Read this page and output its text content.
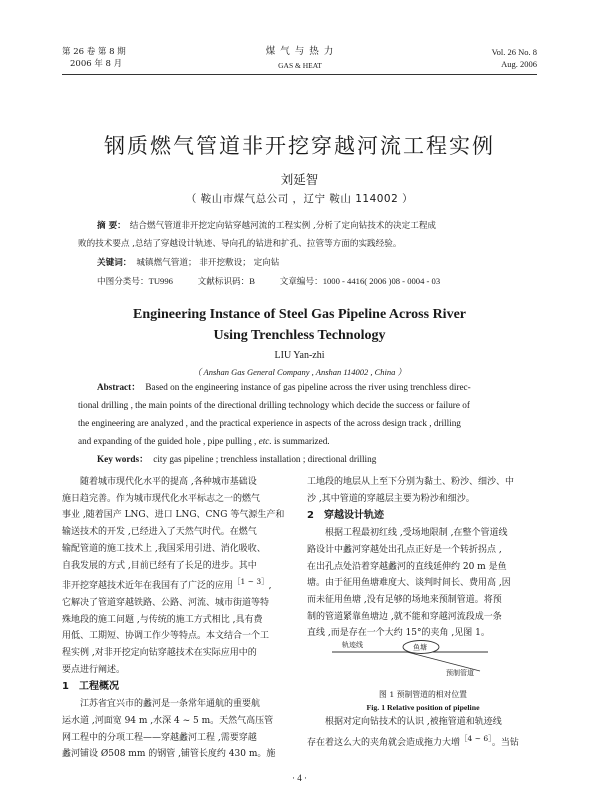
第 26 卷 第 8 期
2006 年 8 月
煤 气 与 热 力
GAS & HEAT
Vol. 26 No. 8
Aug. 2006
钢质燃气管道非开挖穿越河流工程实例
刘延智
（ 鞍山市煤气总公司 ，辽宁 鞍山 114002 ）
摘 要： 结合燃气管道非开挖定向钻穿越河流的工程实例 ,分析了定向钻技术的决定工程成
败的技术要点 ,总结了穿越设计轨迹、导向孔的钻进和扩孔、拉管等方面的实践经验。
关键词： 城镇燃气管道； 非开挖敷设； 定向钻
中图分类号：TU996	文献标识码：B	文章编号：1000 - 4416( 2006 )08 - 0004 - 03
Engineering Instance of Steel Gas Pipeline Across River
Using Trenchless Technology
LIU Yan-zhi
（ Anshan Gas General Company , Anshan 114002 , China ）
Abstract： Based on the engineering instance of gas pipeline across the river using trenchless direc-
tional drilling , the main points of the directional drilling technology which decide the success or failure of
the engineering are analyzed , and the practical experience in aspects of the across design track , drilling
and expanding of the guided hole , pipe pulling , etc. is summarized.
Key words： city gas pipeline ; trenchless installation ; directional drilling
随着城市现代化水平的提高 ,各种城市基础设
施日趋完善。作为城市现代化水平标志之一的燃气
事业 ,随着国产 LNG、进口 LNG、CNG 等气源生产和
输送技术的开发 ,已经进入了天然气时代。在燃气
输配管道的施工技术上 ,我国采用引进、消化吸收、
自我发展的方式 ,目前已经有了长足的进步。其中
非开挖穿越技术近年在我国有了广泛的应用$^{[1 \sim 3]}$,
它解决了管道穿越铁路、公路、河流、城市街道等特
殊地段的施工问题 ,与传统的施工方式相比 ,具有费
用低、工期短、协调工作少等特点。本文结合一个工
程实例 ,对非开挖定向钻穿越技术在实际应用中的
要点进行阐述。
1 工程概况
江苏省宜兴市的蠡河是一条常年通航的重要航
运水道 ,河面宽 94 m ,水深 4 ~ 5 m。天然气高压管
网工程中的分项工程——穿越蠡河工程 ,需要穿越
蠡河铺设 Ø508 mm 的钢管 ,铺管长度约 430 m。施
工地段的地层从上至下分别为黏土、粉沙、细沙、中
沙 ,其中管道的穿越层主要为粉沙和细沙。
2 穿越设计轨迹
根据工程最初红线 ,受场地限制 ,在整个管道线
路设计中蠡河穿越处出孔点正好是一个转折拐点 ,
在出孔点处沿着穿越蠡河的直线延伸约 20 m 是鱼
塘。由于征用鱼塘难度大、谈判时间长、费用高 ,因
而未征用鱼塘 ,没有足够的场地来预制管道。将预
制的管道紧靠鱼塘边 ,就不能和穿越河流段成一条
直线 ,而是存在一个大约 15°的夹角 ,见图 1。
轨迹线	鱼塘
预制管道
图 1 预制管道的相对位置
Fig. 1 Relative position of pipeline
根据对定向钻技术的认识 ,被拖管道和轨迹线
存在着这么大的夹角就会造成拖力大增$^{[4 \sim 6]}$。当钻
· 4 ·
